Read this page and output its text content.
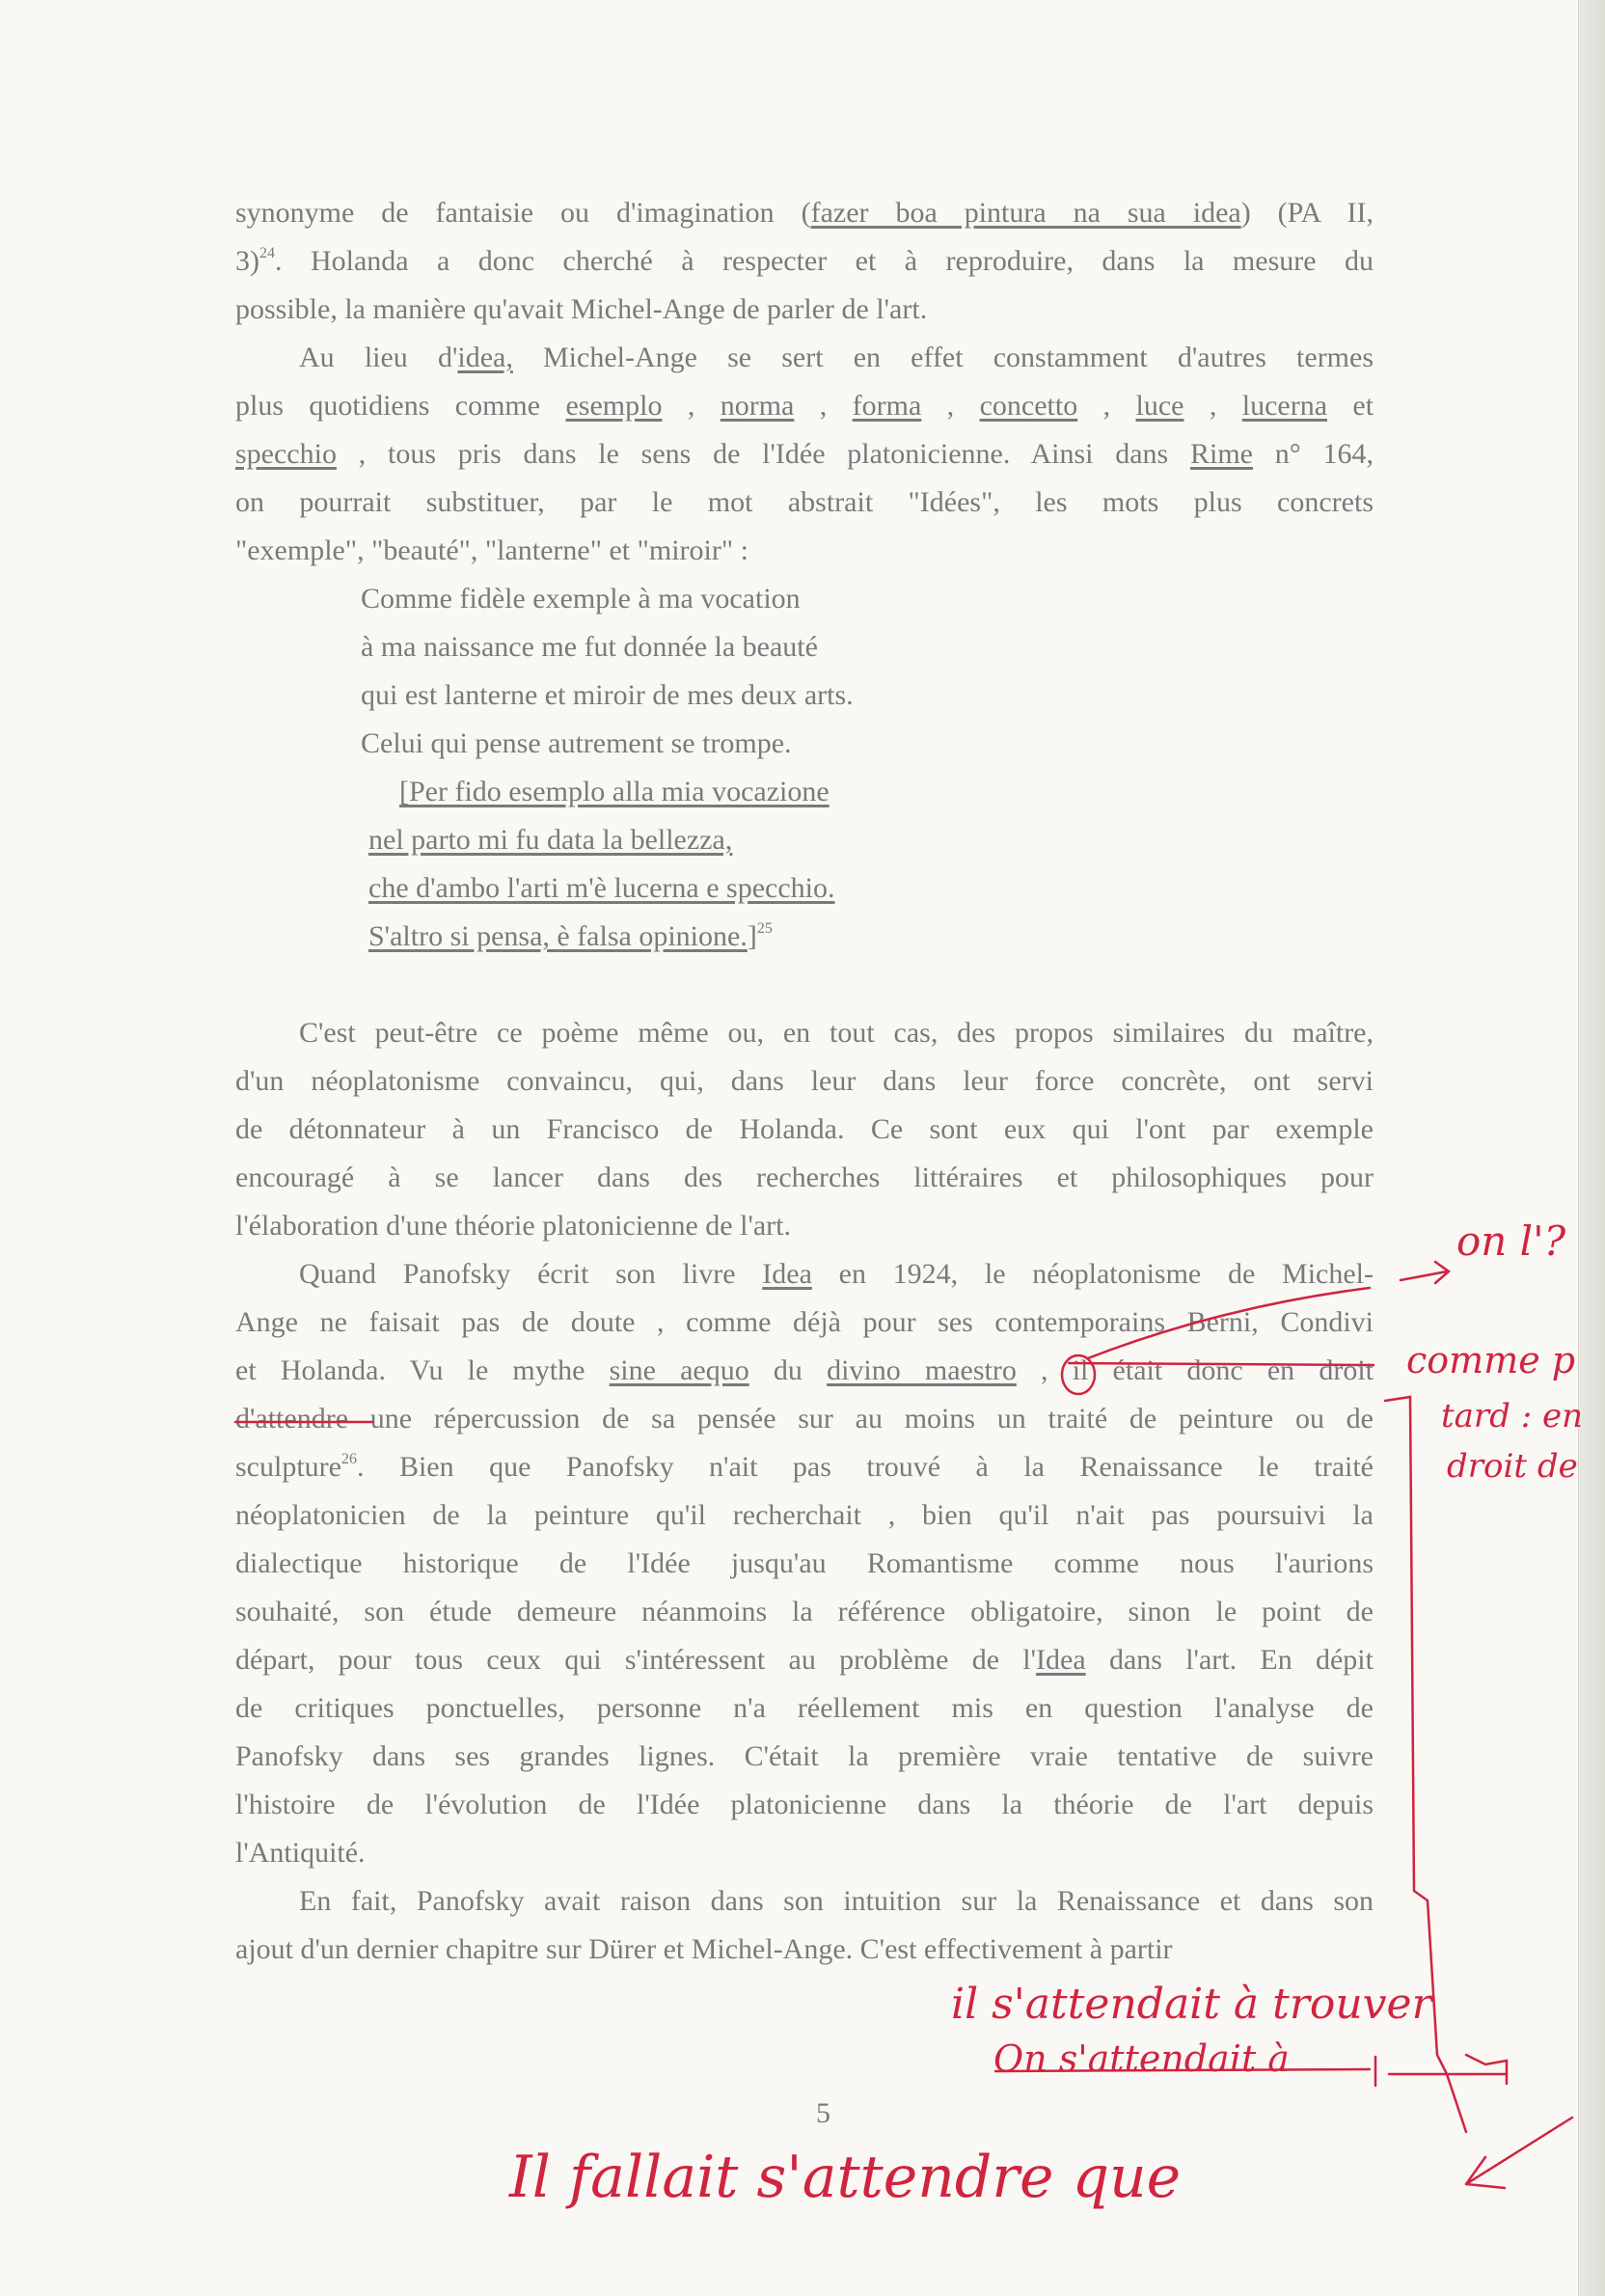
synonyme de fantaisie ou d'imagination (fazer boa pintura na sua idea) (PA II,
3)$^{24}$. Holanda a donc cherché à respecter et à reproduire, dans la mesure du
possible, la manière qu'avait Michel-Ange de parler de l'art.
Au lieu d'idea, Michel-Ange se sert en effet constamment d'autres termes
plus quotidiens comme esemplo , norma , forma , concetto , luce , lucerna et
specchio , tous pris dans le sens de l'Idée platonicienne. Ainsi dans Rime n° 164,
on pourrait substituer, par le mot abstrait "Idées", les mots plus concrets
"exemple", "beauté", "lanterne" et "miroir" :
Comme fidèle exemple à ma vocation
à ma naissance me fut donnée la beauté
qui est lanterne et miroir de mes deux arts.
Celui qui pense autrement se trompe.
[Per fido esemplo alla mia vocazione
nel parto mi fu data la bellezza,
che d'ambo l'arti m'è lucerna e specchio.
S'altro si pensa, è falsa opinione.]$^{25}$
C'est peut-être ce poème même ou, en tout cas, des propos similaires du maître,
d'un néoplatonisme convaincu, qui, dans leur dans leur force concrète, ont servi
de détonnateur à un Francisco de Holanda. Ce sont eux qui l'ont par exemple
encouragé à se lancer dans des recherches littéraires et philosophiques pour
l'élaboration d'une théorie platonicienne de l'art.
Quand Panofsky écrit son livre Idea en 1924, le néoplatonisme de Michel-
Ange ne faisait pas de doute , comme déjà pour ses contemporains Berni, Condivi
et Holanda. Vu le mythe sine aequo du divino maestro , il était donc en droit
d'attendre une répercussion de sa pensée sur au moins un traité de peinture ou de
sculpture$^{26}$. Bien que Panofsky n'ait pas trouvé à la Renaissance le traité
néoplatonicien de la peinture qu'il recherchait , bien qu'il n'ait pas poursuivi la
dialectique historique de l'Idée jusqu'au Romantisme comme nous l'aurions
souhaité, son étude demeure néanmoins la référence obligatoire, sinon le point de
départ, pour tous ceux qui s'intéressent au problème de l'Idea dans l'art. En dépit
de critiques ponctuelles, personne n'a réellement mis en question l'analyse de
Panofsky dans ses grandes lignes. C'était la première vraie tentative de suivre
l'histoire de l'évolution de l'Idée platonicienne dans la théorie de l'art depuis
l'Antiquité.
En fait, Panofsky avait raison dans son intuition sur la Renaissance et dans son
ajout d'un dernier chapitre sur Dürer et Michel-Ange. C'est effectivement à partir
5
on l'?
comme p
tard : en
droit de
il s'attendait à trouver
On s'attendait à
Il fallait s'attendre que
